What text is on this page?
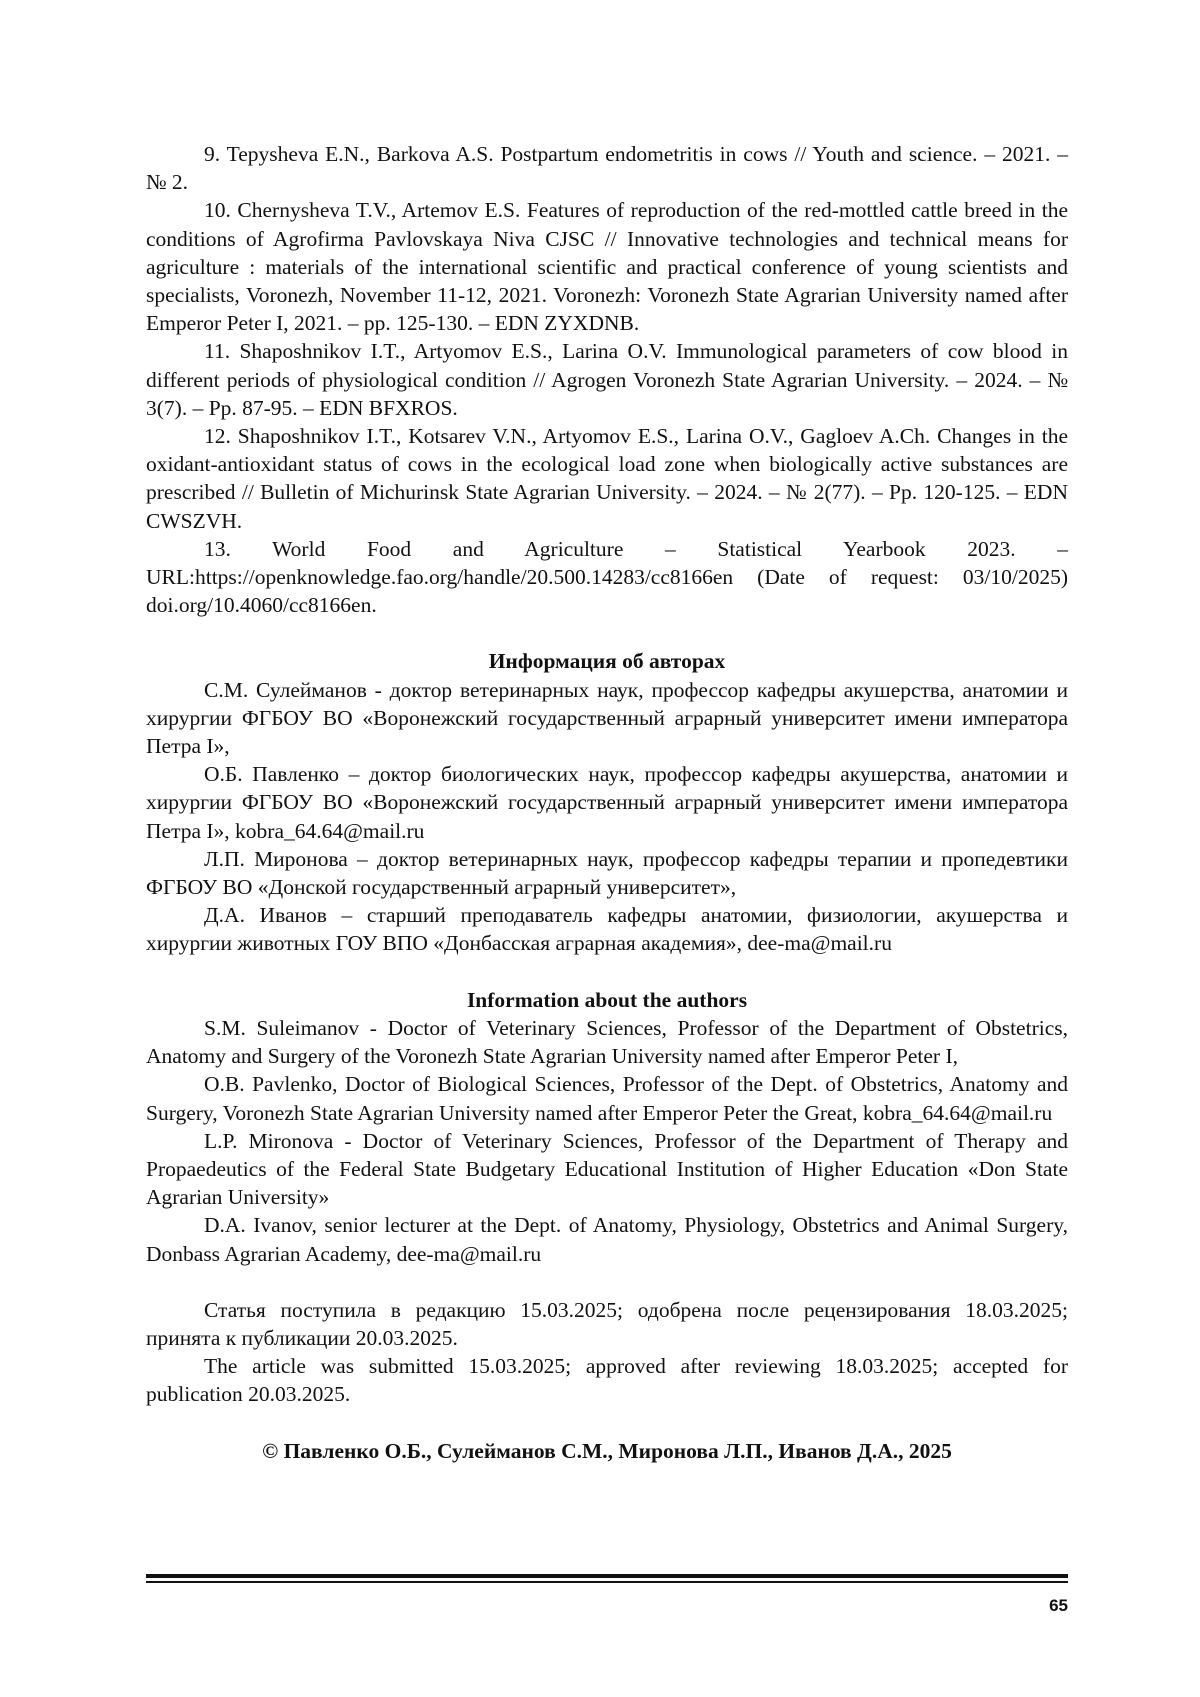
9. Tepysheva E.N., Barkova A.S. Postpartum endometritis in cows // Youth and science. – 2021. – № 2.

10. Chernysheva T.V., Artemov E.S. Features of reproduction of the red-mottled cattle breed in the conditions of Agrofirma Pavlovskaya Niva CJSC // Innovative technologies and technical means for agriculture : materials of the international scientific and practical conference of young scientists and specialists, Voronezh, November 11-12, 2021. Voronezh: Voronezh State Agrarian University named after Emperor Peter I, 2021. – pp. 125-130. – EDN ZYXDNB.

11. Shaposhnikov I.T., Artyomov E.S., Larina O.V. Immunological parameters of cow blood in different periods of physiological condition // Agrogen Voronezh State Agrarian University. – 2024. – № 3(7). – Pp. 87-95. – EDN BFXROS.

12. Shaposhnikov I.T., Kotsarev V.N., Artyomov E.S., Larina O.V., Gagloev A.Ch. Changes in the oxidant-antioxidant status of cows in the ecological load zone when biologically active substances are prescribed // Bulletin of Michurinsk State Agrarian University. – 2024. – № 2(77). – Pp. 120-125. – EDN CWSZVH.

13. World Food and Agriculture – Statistical Yearbook 2023. – URL:https://openknowledge.fao.org/handle/20.500.14283/cc8166en (Date of request: 03/10/2025) doi.org/10.4060/cc8166en.

Информация об авторах

С.М. Сулейманов - доктор ветеринарных наук, профессор кафедры акушерства, анатомии и хирургии ФГБОУ ВО «Воронежский государственный аграрный университет имени императора Петра I»,

О.Б. Павленко – доктор биологических наук, профессор кафедры акушерства, анатомии и хирургии ФГБОУ ВО «Воронежский государственный аграрный университет имени императора Петра I», kobra_64.64@mail.ru

Л.П. Миронова – доктор ветеринарных наук, профессор кафедры терапии и пропедевтики ФГБОУ ВО «Донской государственный аграрный университет»,

Д.А. Иванов – старший преподаватель кафедры анатомии, физиологии, акушерства и хирургии животных ГОУ ВПО «Донбасская аграрная академия», dee-ma@mail.ru

Information about the authors

S.M. Suleimanov - Doctor of Veterinary Sciences, Professor of the Department of Obstetrics, Anatomy and Surgery of the Voronezh State Agrarian University named after Emperor Peter I,

O.B. Pavlenko, Doctor of Biological Sciences, Professor of the Dept. of Obstetrics, Anatomy and Surgery, Voronezh State Agrarian University named after Emperor Peter the Great, kobra_64.64@mail.ru

L.P. Mironova - Doctor of Veterinary Sciences, Professor of the Department of Therapy and Propaedeutics of the Federal State Budgetary Educational Institution of Higher Education «Don State Agrarian University»

D.A. Ivanov, senior lecturer at the Dept. of Anatomy, Physiology, Obstetrics and Animal Surgery, Donbass Agrarian Academy, dee-ma@mail.ru

Статья поступила в редакцию 15.03.2025; одобрена после рецензирования 18.03.2025; принята к публикации 20.03.2025.

The article was submitted 15.03.2025; approved after reviewing 18.03.2025; accepted for publication 20.03.2025.

© Павленко О.Б., Сулейманов С.М., Миронова Л.П., Иванов Д.А., 2025

65
